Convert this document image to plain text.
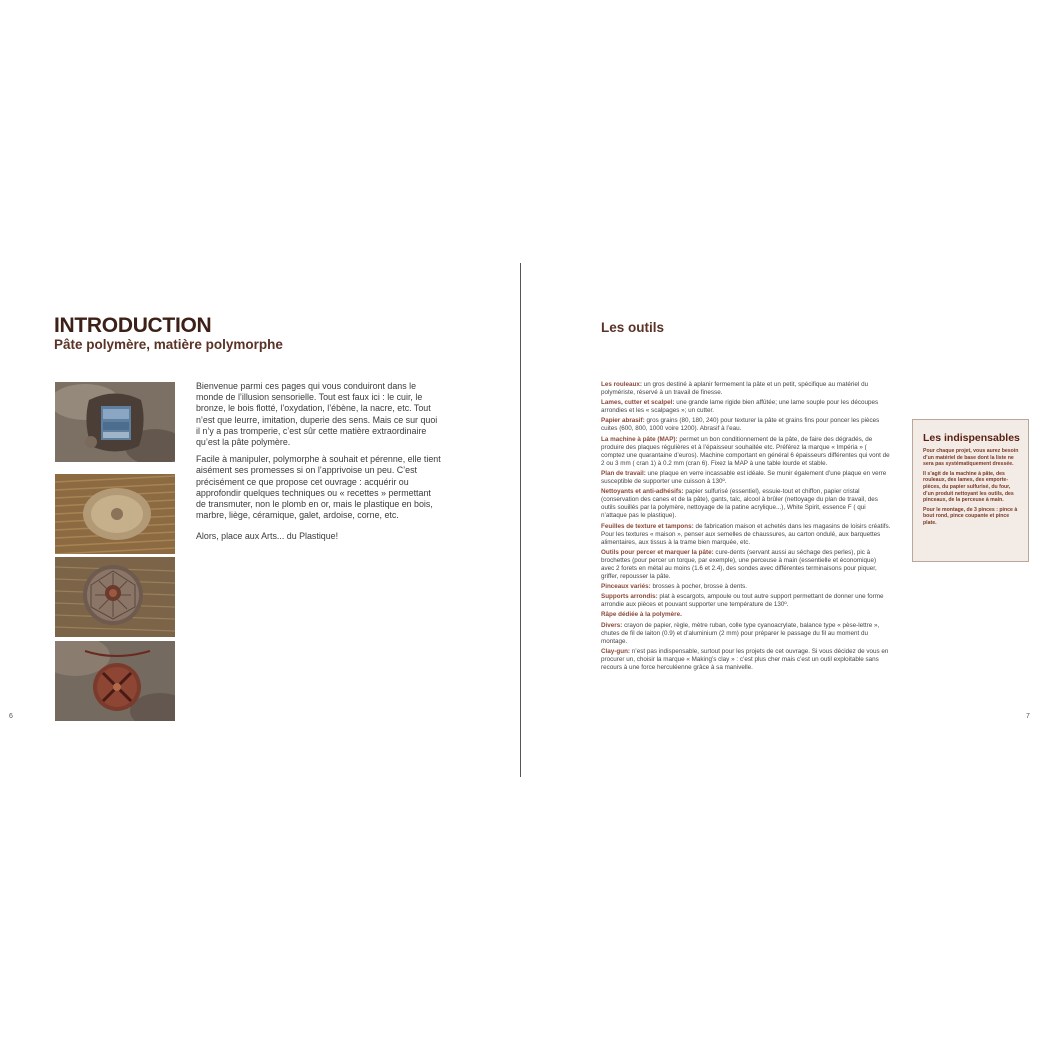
INTRODUCTION
Pâte polymère, matière polymorphe

Bienvenue parmi ces pages qui vous conduiront dans le monde de l’illusion sensorielle. Tout est faux ici : le cuir, le bronze, le bois flotté, l’oxydation, l’ébène, la nacre, etc. Tout n’est que leurre, imitation, duperie des sens. Mais ce sur quoi il n’y a pas tromperie, c’est sûr cette matière extraordinaire qu’est la pâte polymère.

Facile à manipuler, polymorphe à souhait et pérenne, elle tient aisément ses promesses si on l’apprivoise un peu. C’est précisément ce que propose cet ouvrage : acquérir ou approfondir quelques techniques ou « recettes » permettant de transmuter, non le plomb en or, mais le plastique en bois, marbre, liège, céramique, galet, ardoise, corne, etc.

Alors, place aux Arts... du Plastique!

6
Les outils

Les rouleaux: un gros destiné à aplanir fermement la pâte et un petit, spécifique au matériel du polymériste, réservé à un travail de finesse.

Lames, cutter et scalpel: une grande lame rigide bien affûtée; une lame souple pour les découpes arrondies et les « scalpages »; un cutter.

Papier abrasif: gros grains (80, 180, 240) pour texturer la pâte et grains fins pour poncer les pièces cuites (600, 800, 1000 voire 1200). Abrasif à l’eau.

La machine à pâte (MAP): permet un bon conditionnement de la pâte, de faire des dégradés, de produire des plaques régulières et à l’épaisseur souhaitée etc. Préférez la marque « Impéria » ( comptez une quarantaine d’euros). Machine comportant en général 6 épaisseurs différentes qui vont de 2 ou 3 mm ( cran 1) à 0.2 mm (cran 6). Fixez la MAP à une table lourde et stable.

Plan de travail: une plaque en verre incassable est idéale. Se munir également d’une plaque en verre susceptible de supporter une cuisson à 130º.

Nettoyants et anti-adhésifs: papier sulfurisé (essentiel), essuie-tout et chiffon, papier cristal (conservation des canes et de la pâte), gants, talc, alcool à brûler (nettoyage du plan de travail, des outils souillés par la polymère, nettoyage de la patine acrylique...), White Spirit, essence F ( qui n’attaque pas le plastique).

Feuilles de texture et tampons: de fabrication maison et achetés dans les magasins de loisirs créatifs. Pour les textures « maison », penser aux semelles de chaussures, au carton ondulé, aux barquettes alimentaires, aux tissus à la trame bien marquée, etc.

Outils pour percer et marquer la pâte: cure-dents (servant aussi au séchage des perles), pic à brochettes (pour percer un torque, par exemple), une perceuse à main (essentielle et économique) avec 2 forets en métal au moins (1.6 et 2.4), des sondes avec différentes terminaisons pour piquer, griffer, repousser la pâte.

Pinceaux variés: brosses à pocher, brosse à dents.

Supports arrondis: plat à escargots, ampoule ou tout autre support permettant de donner une forme arrondie aux pièces et pouvant supporter une température de 130º.

Râpe dédiée à la polymère.

Divers: crayon de papier, règle, mètre ruban, colle type cyanoacrylate, balance type « pèse-lettre », chutes de fil de laiton (0.9) et d’aluminium (2 mm) pour préparer le passage du fil au moment du montage.

Clay-gun: n’est pas indispensable, surtout pour les projets de cet ouvrage. Si vous décidez de vous en procurer un, choisir la marque « Making’s clay » : c’est plus cher mais c’est un outil exploitable sans recours à une force herculéenne grâce à sa manivelle.

Les indispensables

Pour chaque projet, vous aurez besoin d’un matériel de base dont la liste ne sera pas systématiquement dressée.

Il s’agit de la machine à pâte, des rouleaux, des lames, des emporte-pièces, du papier sulfurisé, du four, d’un produit nettoyant les outils, des pinceaux, de la perceuse à main.

Pour le montage, de 3 pinces : pince à bout rond, pince coupante et pince plate.

7
